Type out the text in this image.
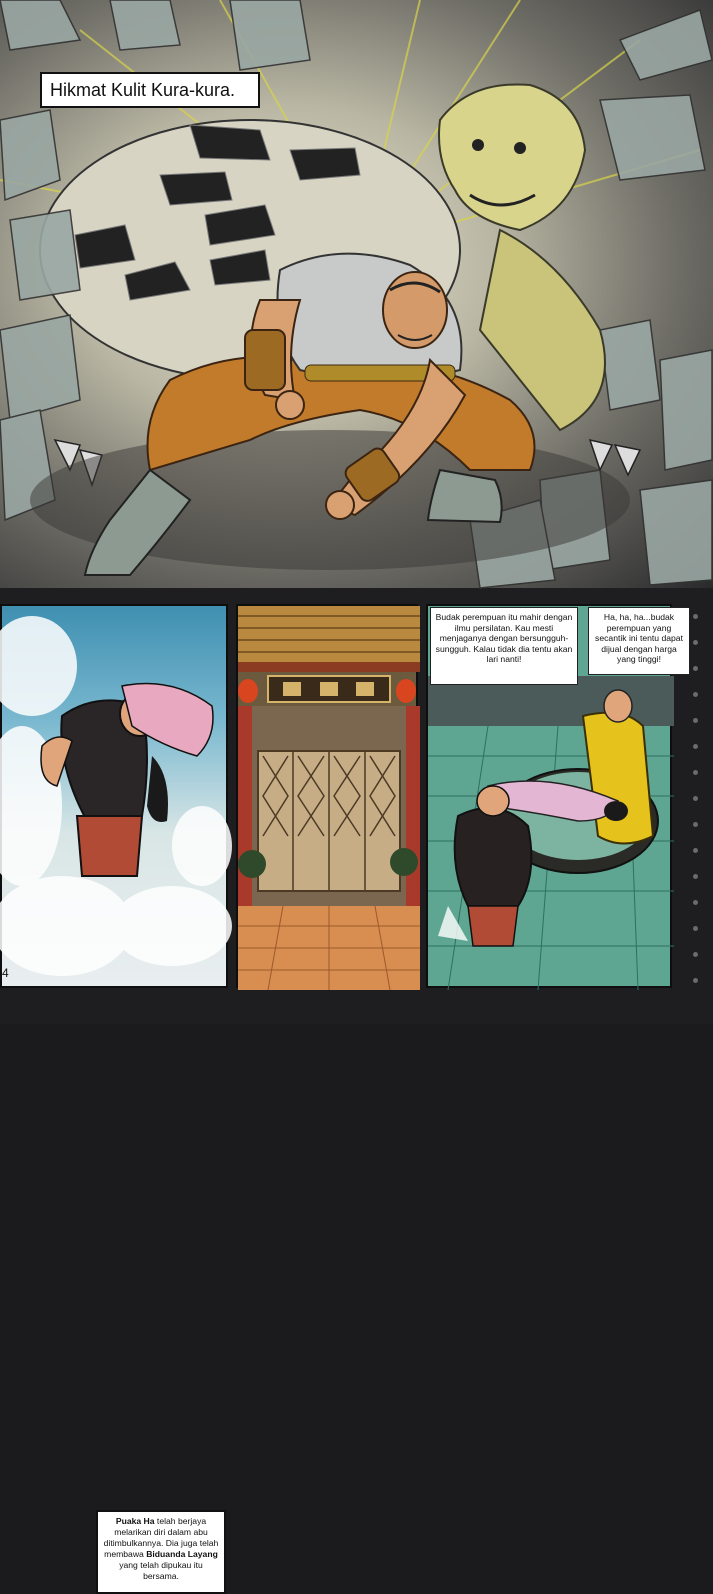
Hikmat Kulit Kura-kura.
Puaka Ha telah berjaya melarikan diri dalam abu ditimbulkannya. Dia juga telah membawa Biduanda Layang yang telah dipukau itu bersama.
Budak perempuan itu mahir dengan ilmu persilatan. Kau mesti menjaganya dengan bersungguh-sungguh. Kalau tidak dia tentu akan lari nanti!
Ha, ha, ha...budak perempuan yang secantik ini tentu dapat dijual dengan harga yang tinggi!
4
